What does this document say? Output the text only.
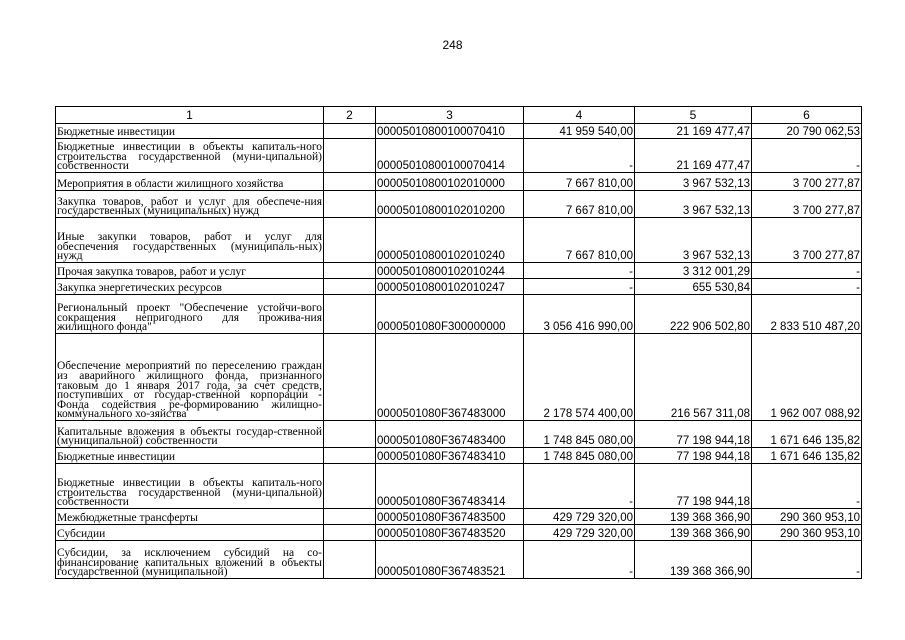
248
1	2	3	4	5	6
Бюджетные инвестиции		00005010800100070410	41 959 540,00	21 169 477,47	20 790 062,53
Бюджетные инвестиции в объекты капиталь-ного строительства государственной (муни-ципальной) собственности		00005010800100070414	-	21 169 477,47	-
Мероприятия в области жилищного хозяйства		00005010800102010000	7 667 810,00	3 967 532,13	3 700 277,87
Закупка товаров, работ и услуг для обеспече-ния государственных (муниципальных) нужд		00005010800102010200	7 667 810,00	3 967 532,13	3 700 277,87
Иные закупки товаров, работ и услуг для обеспечения государственных (муниципаль-ных) нужд		00005010800102010240	7 667 810,00	3 967 532,13	3 700 277,87
Прочая закупка товаров, работ и услуг		00005010800102010244	-	3 312 001,29	-
Закупка энергетических ресурсов		00005010800102010247	-	655 530,84	-
Региональный проект "Обеспечение устойчи-вого сокращения непригодного для прожива-ния жилищного фонда"		0000501080F300000000	3 056 416 990,00	222 906 502,80	2 833 510 487,20
Обеспечение мероприятий по переселению граждан из аварийного жилищного фонда, признанного таковым до 1 января 2017 года, за счет средств, поступивших от государ-ственной корпорации - Фонда содействия ре-формированию жилищно-коммунального хо-зяйства		0000501080F367483000	2 178 574 400,00	216 567 311,08	1 962 007 088,92
Капитальные вложения в объекты государ-ственной (муниципальной) собственности		0000501080F367483400	1 748 845 080,00	77 198 944,18	1 671 646 135,82
Бюджетные инвестиции		0000501080F367483410	1 748 845 080,00	77 198 944,18	1 671 646 135,82
Бюджетные инвестиции в объекты капиталь-ного строительства государственной (муни-ципальной) собственности		0000501080F367483414	-	77 198 944,18	-
Межбюджетные трансферты		0000501080F367483500	429 729 320,00	139 368 366,90	290 360 953,10
Субсидии		0000501080F367483520	429 729 320,00	139 368 366,90	290 360 953,10
Субсидии, за исключением субсидий на со-финансирование капитальных вложений в объекты государственной (муниципальной)		0000501080F367483521	-	139 368 366,90	-
